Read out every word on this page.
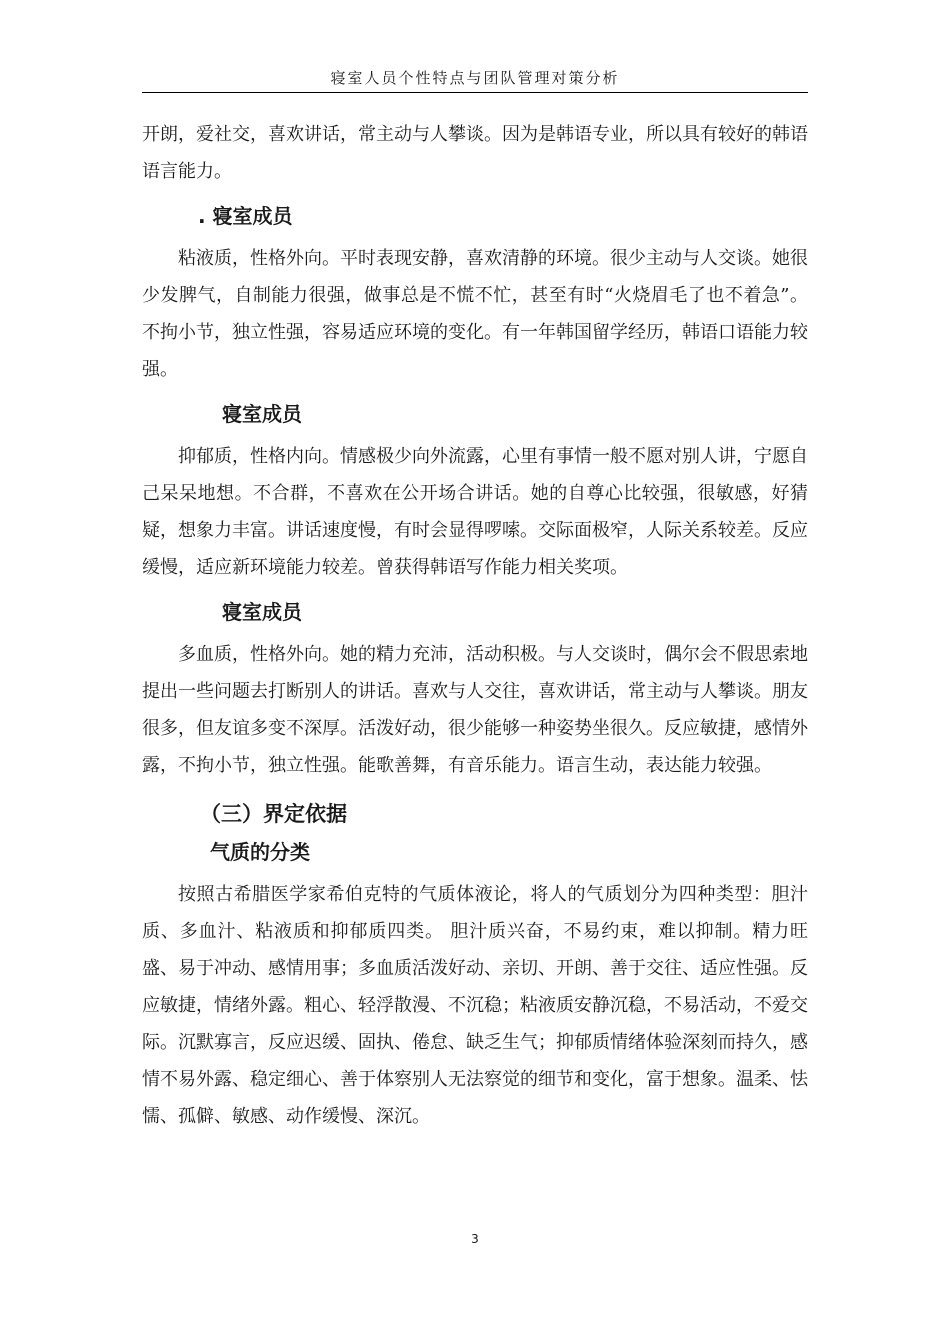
寝室人员个性特点与团队管理对策分析

开朗，爱社交，喜欢讲话，常主动与人攀谈。因为是韩语专业，所以具有较好的韩语语言能力。

. 寝室成员

粘液质，性格外向。平时表现安静，喜欢清静的环境。很少主动与人交谈。她很少发脾气，自制能力很强，做事总是不慌不忙，甚至有时“火烧眉毛了也不着急”。不拘小节，独立性强，容易适应环境的变化。有一年韩国留学经历，韩语口语能力较强。

寝室成员

抑郁质，性格内向。情感极少向外流露，心里有事情一般不愿对别人讲，宁愿自己呆呆地想。不合群，不喜欢在公开场合讲话。她的自尊心比较强，很敏感，好猜疑，想象力丰富。讲话速度慢，有时会显得啰嗦。交际面极窄，人际关系较差。反应缓慢，适应新环境能力较差。曾获得韩语写作能力相关奖项。

寝室成员

多血质，性格外向。她的精力充沛，活动积极。与人交谈时，偶尔会不假思索地提出一些问题去打断别人的讲话。喜欢与人交往，喜欢讲话，常主动与人攀谈。朋友很多，但友谊多变不深厚。活泼好动，很少能够一种姿势坐很久。反应敏捷，感情外露，不拘小节，独立性强。能歌善舞，有音乐能力。语言生动，表达能力较强。

（三）界定依据
气质的分类

按照古希腊医学家希伯克特的气质体液论，将人的气质划分为四种类型：胆汁质、多血汁、粘液质和抑郁质四类。 胆汁质兴奋，不易约束，难以抑制。精力旺盛、易于冲动、感情用事；多血质活泼好动、亲切、开朗、善于交往、适应性强。反应敏捷，情绪外露。粗心、轻浮散漫、不沉稳；粘液质安静沉稳，不易活动，不爱交际。沉默寡言，反应迟缓、固执、倦怠、缺乏生气；抑郁质情绪体验深刻而持久，感情不易外露、稳定细心、善于体察别人无法察觉的细节和变化，富于想象。温柔、怯懦、孤僻、敏感、动作缓慢、深沉。

3
